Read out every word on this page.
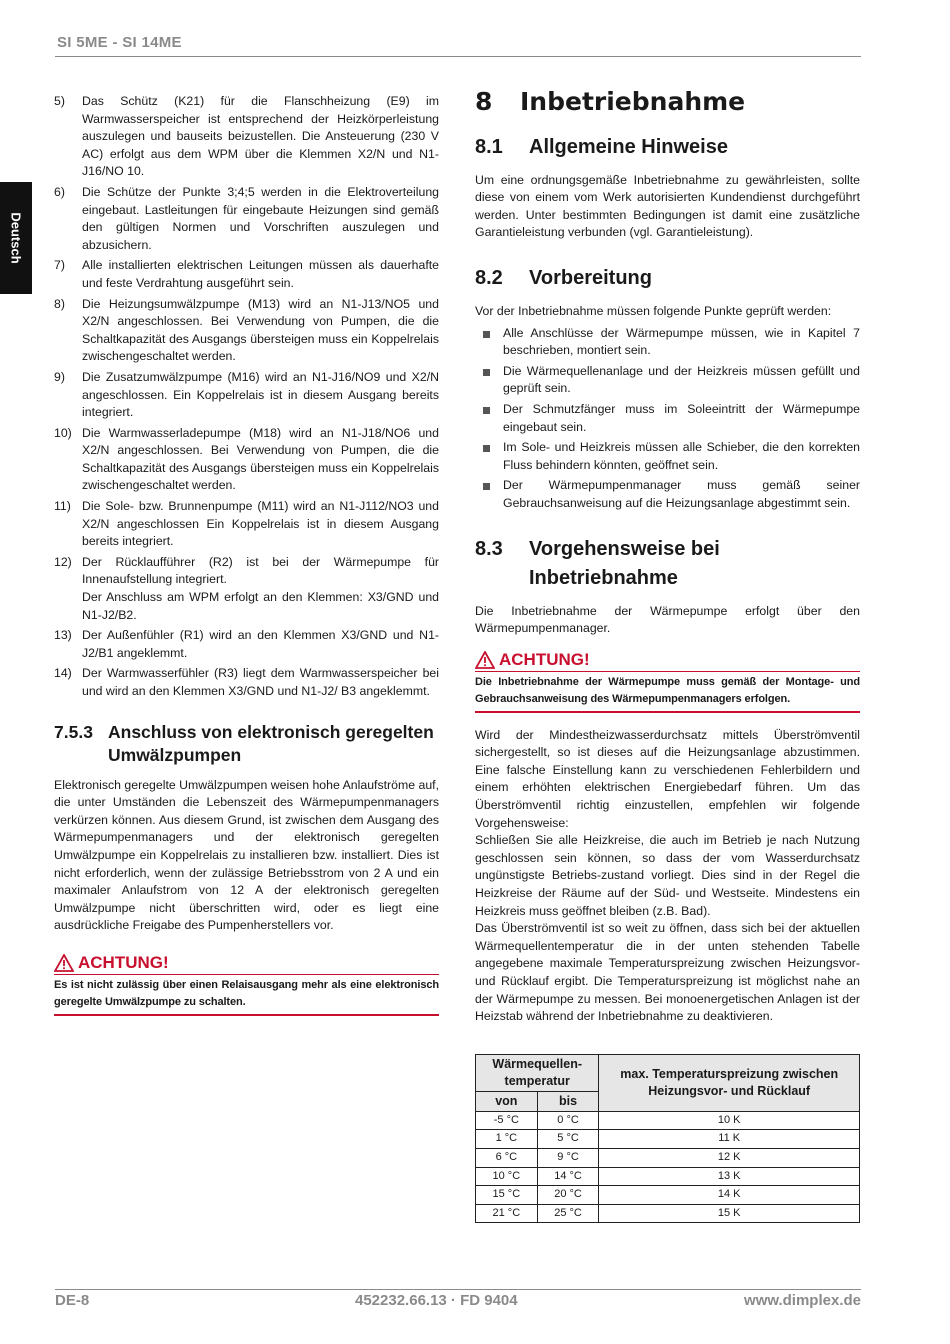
SI 5ME - SI 14ME
Deutsch
5) Das Schütz (K21) für die Flanschheizung (E9) im Warmwasserspeicher ist entsprechend der Heizkörperleistung auszulegen und bauseits beizustellen. Die Ansteuerung (230 V AC) erfolgt aus dem WPM über die Klemmen X2/N und N1-J16/NO 10.
6) Die Schütze der Punkte 3;4;5 werden in die Elektroverteilung eingebaut. Lastleitungen für eingebaute Heizungen sind gemäß den gültigen Normen und Vorschriften auszulegen und abzusichern.
7) Alle installierten elektrischen Leitungen müssen als dauerhafte und feste Verdrahtung ausgeführt sein.
8) Die Heizungsumwälzpumpe (M13) wird an N1-J13/NO5 und X2/N angeschlossen. Bei Verwendung von Pumpen, die die Schaltkapazität des Ausgangs übersteigen muss ein Koppelrelais zwischengeschaltet werden.
9) Die Zusatzumwälzpumpe (M16) wird an N1-J16/NO9 und X2/N angeschlossen. Ein Koppelrelais ist in diesem Ausgang bereits integriert.
10) Die Warmwasserladepumpe (M18) wird an N1-J18/NO6 und X2/N angeschlossen. Bei Verwendung von Pumpen, die die Schaltkapazität des Ausgangs übersteigen muss ein Koppelrelais zwischengeschaltet werden.
11) Die Sole- bzw. Brunnenpumpe (M11) wird an N1-J112/NO3 und X2/N angeschlossen Ein Koppelrelais ist in diesem Ausgang bereits integriert.
12) Der Rücklaufführer (R2) ist bei der Wärmepumpe für Innenaufstellung integriert.
Der Anschluss am WPM erfolgt an den Klemmen: X3/GND und N1-J2/B2.
13) Der Außenfühler (R1) wird an den Klemmen X3/GND und N1-J2/B1 angeklemmt.
14) Der Warmwasserfühler (R3) liegt dem Warmwasserspeicher bei und wird an den Klemmen X3/GND und N1-J2/ B3 angeklemmt.
7.5.3 Anschluss von elektronisch geregelten Umwälzpumpen

Elektronisch geregelte Umwälzpumpen weisen hohe Anlaufströme auf, die unter Umständen die Lebenszeit des Wärmepumpenmanagers verkürzen können. Aus diesem Grund, ist zwischen dem Ausgang des Wärmepumpenmanagers und der elektronisch geregelten Umwälzpumpe ein Koppelrelais zu installieren bzw. installiert. Dies ist nicht erforderlich, wenn der zulässige Betriebsstrom von 2 A und ein maximaler Anlaufstrom von 12 A der elektronisch geregelten Umwälzpumpe nicht überschritten wird, oder es liegt eine ausdrückliche Freigabe des Pumpenherstellers vor.

ACHTUNG!
Es ist nicht zulässig über einen Relaisausgang mehr als eine elektronisch geregelte Umwälzpumpe zu schalten.
8 Inbetriebnahme
8.1 Allgemeine Hinweise

Um eine ordnungsgemäße Inbetriebnahme zu gewährleisten, sollte diese von einem vom Werk autorisierten Kundendienst durchgeführt werden. Unter bestimmten Bedingungen ist damit eine zusätzliche Garantieleistung verbunden (vgl. Garantieleistung).

8.2 Vorbereitung

Vor der Inbetriebnahme müssen folgende Punkte geprüft werden:

Alle Anschlüsse der Wärmepumpe müssen, wie in Kapitel 7 beschrieben, montiert sein.
Die Wärmequellenanlage und der Heizkreis müssen gefüllt und geprüft sein.
Der Schmutzfänger muss im Soleeintritt der Wärmepumpe eingebaut sein.
Im Sole- und Heizkreis müssen alle Schieber, die den korrekten Fluss behindern könnten, geöffnet sein.
Der Wärmepumpenmanager muss gemäß seiner Gebrauchsanweisung auf die Heizungsanlage abgestimmt sein.
8.3 Vorgehensweise bei
Inbetriebnahme

Die Inbetriebnahme der Wärmepumpe erfolgt über den Wärmepumpenmanager.

ACHTUNG!
Die Inbetriebnahme der Wärmepumpe muss gemäß der Montage- und Gebrauchsanweisung des Wärmepumpenmanagers erfolgen.

Wird der Mindestheizwasserdurchsatz mittels Überströmventil sichergestellt, so ist dieses auf die Heizungsanlage abzustimmen. Eine falsche Einstellung kann zu verschiedenen Fehlerbildern und einem erhöhten elektrischen Energiebedarf führen. Um das Überströmventil richtig einzustellen, empfehlen wir folgende Vorgehensweise:

Schließen Sie alle Heizkreise, die auch im Betrieb je nach Nutzung geschlossen sein können, so dass der vom Wasserdurchsatz ungünstigste Betriebs-zustand vorliegt. Dies sind in der Regel die Heizkreise der Räume auf der Süd- und Westseite. Mindestens ein Heizkreis muss geöffnet bleiben (z.B. Bad).

Das Überströmventil ist so weit zu öffnen, dass sich bei der aktuellen Wärmequellentemperatur die in der unten stehenden Tabelle angegebene maximale Temperaturspreizung zwischen Heizungsvor- und Rücklauf ergibt. Die Temperaturspreizung ist möglichst nahe an der Wärmepumpe zu messen. Bei monoenergetischen Anlagen ist der Heizstab während der Inbetriebnahme zu deaktivieren.

Wärmequellen-temperatur		max. Temperaturspreizung zwischen Heizungsvor- und Rücklauf
von	bis	
-5 °C	0 °C	10 K
1 °C	5 °C	11 K
6 °C	9 °C	12 K
10 °C	14 °C	13 K
15 °C	20 °C	14 K
21 °C	25 °C	15 K
DE-8	452232.66.13 · FD 9404	www.dimplex.de
